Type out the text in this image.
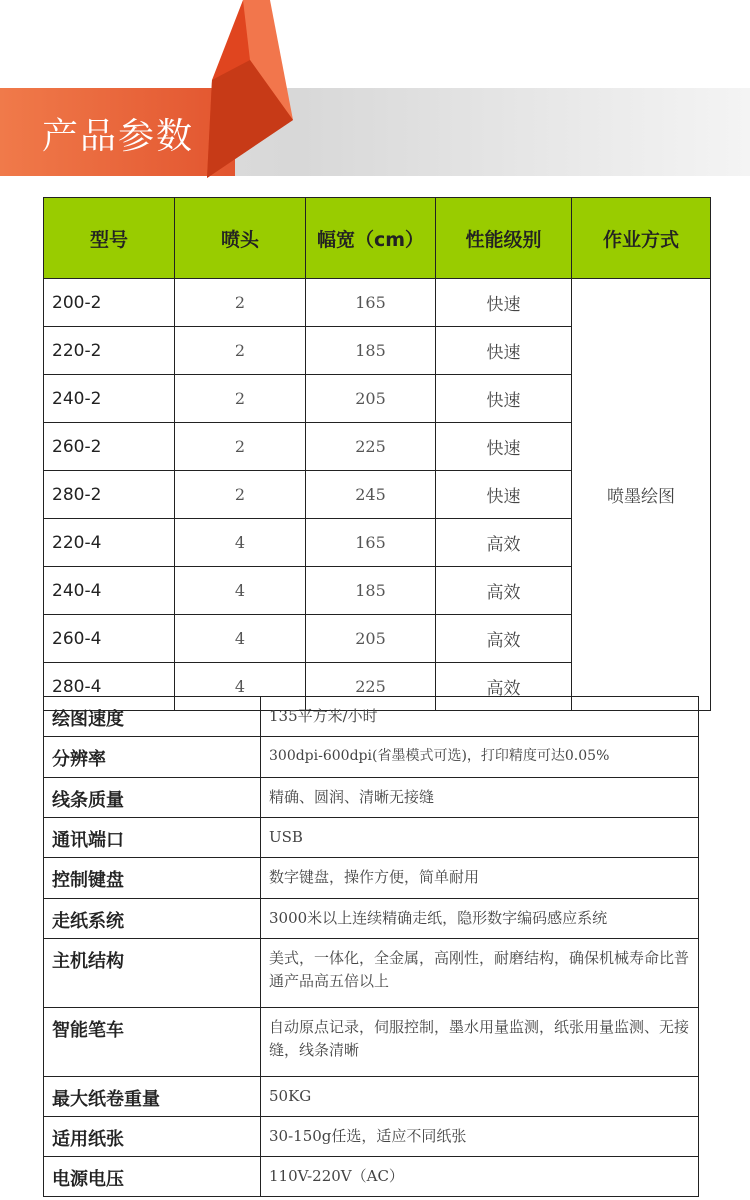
产品参数
型号	喷头	幅宽（cm）	性能级别	作业方式
200-2	2	165	快速	喷墨绘图
220-2	2	185	快速	
240-2	2	205	快速	
260-2	2	225	快速	
280-2	2	245	快速	
220-4	4	165	高效	
240-4	4	185	高效	
260-4	4	205	高效	
280-4	4	225	高效	
绘图速度	135平方米/小时
分辨率	300dpi-600dpi(省墨模式可选)，打印精度可达0.05%
线条质量	精确、圆润、清晰无接缝
通讯端口	USB
控制键盘	数字键盘，操作方便，简单耐用
走纸系统	3000米以上连续精确走纸，隐形数字编码感应系统
主机结构	美式，一体化，全金属，高刚性，耐磨结构，确保机械寿命比普通产品高五倍以上
智能笔车	自动原点记录，伺服控制，墨水用量监测，纸张用量监测、无接缝，线条清晰
最大纸卷重量	50KG
适用纸张	30-150g任选，适应不同纸张
电源电压	110V-220V（AC）
